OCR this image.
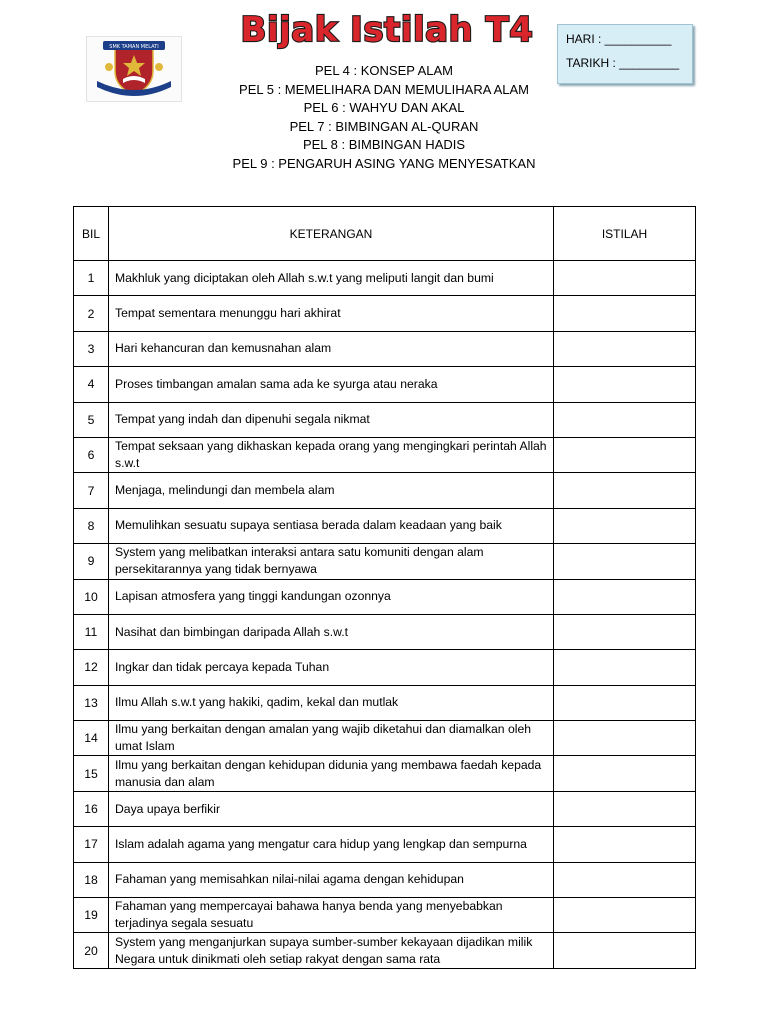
Bijak Istilah T4
SMK TAMAN MELATI
HARI : __________
TARIKH : _________
PEL 4 : KONSEP ALAM
PEL 5 : MEMELIHARA DAN MEMULIHARA ALAM
PEL 6 : WAHYU DAN AKAL
PEL 7 : BIMBINGAN AL-QURAN
PEL 8 : BIMBINGAN HADIS
PEL 9 : PENGARUH ASING YANG MENYESATKAN
BIL	KETERANGAN	ISTILAH
1	Makhluk yang diciptakan oleh Allah s.w.t yang meliputi langit dan bumi	
2	Tempat sementara menunggu hari akhirat	
3	Hari kehancuran dan kemusnahan alam	
4	Proses timbangan amalan sama ada ke syurga atau neraka	
5	Tempat yang indah dan dipenuhi segala nikmat	
6	Tempat seksaan yang dikhaskan kepada orang yang mengingkari perintah Allah s.w.t	
7	Menjaga, melindungi dan membela alam	
8	Memulihkan sesuatu supaya sentiasa berada dalam keadaan yang baik	
9	System yang melibatkan interaksi antara satu komuniti dengan alam persekitarannya yang tidak bernyawa	
10	Lapisan atmosfera yang tinggi kandungan ozonnya	
11	Nasihat dan bimbingan daripada Allah s.w.t	
12	Ingkar dan tidak percaya kepada Tuhan	
13	Ilmu Allah s.w.t yang hakiki, qadim, kekal dan mutlak	
14	Ilmu yang berkaitan dengan amalan yang wajib diketahui dan diamalkan oleh umat Islam	
15	Ilmu yang berkaitan dengan kehidupan didunia yang membawa faedah kepada manusia dan alam	
16	Daya upaya berfikir	
17	Islam adalah agama yang mengatur cara hidup yang lengkap dan sempurna	
18	Fahaman yang memisahkan nilai-nilai agama dengan kehidupan	
19	Fahaman yang mempercayai bahawa hanya benda yang menyebabkan terjadinya segala sesuatu	
20	System yang menganjurkan supaya sumber-sumber kekayaan dijadikan milik Negara untuk dinikmati oleh setiap rakyat dengan sama rata	
